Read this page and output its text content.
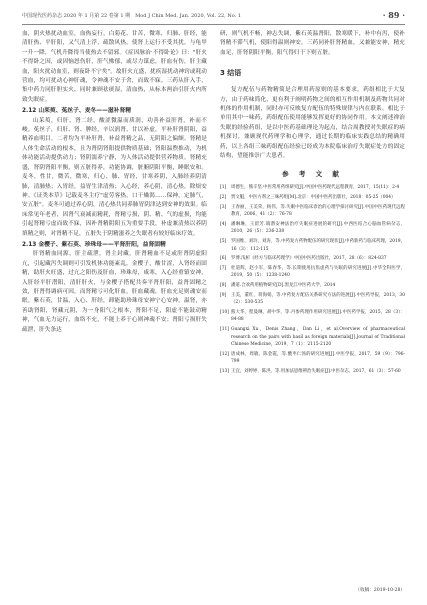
中国现代医药杂志 2020 年 1 月第 22 卷第 1 期　Mod J Chin Med, Jan. 2020, Vol. 22, No. 1	· 89 ·

血，阴火热扰动血室，血热妄行。白菊花、甘苦，微寒，归肺、肝经，能清肝热、平肝阳，又气清上浮，疏散风热，使肾上运行不受其扰，与龟甲一升一降，气机升降得当使热去不留邪。《症因脉治·不得卧论》曰："肝火不得卧之因，或因恼怒伤肝，肝气怫郁，或尽力谋虑，肝血有伤，肝主藏血，阳火扰动血室，则夜卧不宁矣"。故肝火亢盛，扰疾湿扰动神窍或耗动营血，均可扰动心神肝魂，令神魂不安于舍，而致不寐。三药从肝入手，集中药力同肝胆实火，同时兼顾祛痰湿，清血热，从标本两治引肝火内所致失眠症。

2.12 山茱萸、菟丝子、麦冬——滋补肾精

山茱萸，归肝、肾二经，酸涩微温而质润，功善补益肝肾，补而不峻。菟丝子，归肝、肾、脾经，辛以润肾，甘以补虚，平补肝肾阴阳，益精养血明目。二者均为平补肝肾，补益肾精之品，无阴阳之偏颇。肾精是人体生命活动的根本，且为肾阴肾阳提供物质基础；肾阳温煦推动，为机体功能活动提供动力；肾阴濡养宁静，为人体活动提供营养物质。肾精充盛，肾阴肾阳平衡，则五脏得养，功能协调，脏腑阴阳平衡，睡眠安和。麦冬，性甘，微苦，微寒，归心、肺、胃经，甘寒养阴，入肺经养阴清肺，清肺热；入胃经，益胃生津清热；入心经，养心阴，清心热，除烦安神。《证类本草》记载麦冬主疗"虚劳客热，口干燥渴……保神，定肺气，安五脏"。麦冬可通过养心阴，清心热共同养肺胃阴津达到安神的效果。临床常见年老者，因肾气衰减而精耗，肾精亏损，阴、精、气的虚损，均能引起肾精亏虚而致不寐，因补肾精阴阳五为重要手段，补虚兼清热以养阴填精之则，对肾精不足，五脏失于阴精滋养之失眠者有较好临床疗效。

2.13 金樱子、紫石英、珍珠母——平肾肝阳，益肾固精

肝肾精血同源，肝主疏泄，肾主封藏，肝肾精血不足或肝肾阴虚阳亢，引起藏泻失调则可引发机体功能紊乱。金樱子，酸甘涩，入肾经而固精，助肝火旺盛，过亢之阳伤及肝血，珍珠母，咸寒，入心经重镇安神，入肝经平肝潜阳，清肝肝火，与金樱子搭配共奏平肾肝阳，益肾固精之效，肝肾得调病可因，而肾精亏可化肝血，肝血藏魂，肝血充足则魂安而眠。紫石英，甘温，入心、肝经，卸能助珍珠母安神宁心安神，温肾，亦善助肾阳，肾藏元阴，为一身阳气之根本，肾阳不足，阳虚不能鼓动精神，气血无力运行，血络不充，不能上养于心则神魂不安；肾阳亏损肝失疏泄，肝失条达

研，则气机不畅，神志失调，紫石英温肾阳，散寒暖下，补中有泻，使补肾精不滞气机，使阳得温则神安。三药同补肝肾精血，又兼能安神，精充血足，肝肾阴阳平衡，阳气得归于下则五脏。

3 结语

复方配伍与药物精简是合理用药原则的基本要求。药组相比于大复方，由于药味简化，更有利于阐明药物之间的相互作用机制及药物共同对机体的作用机制，同时亦可反映复方配伍的特殊规律与内在联系。相比于单用其中一味药，药组配伍使用能够发挥更好的协同作用。本文阐述禅治失眠的经验药组，是以中医药基础理论为起点，结合周教授对失眠症的病机探讨，兼顾现代药理学和心理学，通过长期的临床实践总结的精确用药，以上各组三味药组配伍经验已经成为本院临床治疗失眠症处方的固定结构，望能推崇广大患者。

参 考 文 献
[1] 周德生，熊辛坚.中医常用药组研究[J].中国中医药现代远程教育，2017，15(11)：2-4
[2] 贾文魁，中医方剂之三味药组[M].北京：中国中医药出版社，2018：05-25（004）
[3] 王春丽，王美荣，杨伟，等.失眠中医临床诊治的心理学探讨研究[J].中国中医药现代远程教育，2006，41（2）：76-78
[4] 潘琳琳，王留芳.镇潜安神法治疗失眠症进展的研究[J].中西医结合心脑血管病杂志，2010，26（5）：236-238
[5] 罗国维，刘玲，刘涛，等.中药复方药物配伍的研究现状[J].中药新药与临床药理，2019，16（3）：112-115
[6] 罗博.浅析《经方与临床药理学》中国中医药出版社，2017，28（6）：824-837
[7] 杜道辉，赵小军，陈春华，等.长期使用抗焦虑药与失眠的研究进展[J].中华全科医学，2019，50（5）：1238-1240
[8] 潘道.合欢药用植物研究[D].黑龙江中医药大学，2014
[9] 王美，董红，蒋海娟，等.中药复方配伍关系研究方法的进展[J].中医药导报，2013，30（2）：530-535
[10] 熊大华，程曼琳，胡中华，等.丹参药理作用研究进展[J].中医药学报，2015，28（3）：84-88
[11] Guangxi Xu，Denis Zhang，Dan Li，et al.Overview of pharmaceutical research on the pairs with basil as foreign materials[J].Journal of Traditional Chinese Medicine，2019，7（1）：2115-2120
[12] 唐成林，周敏，陈金霞，等.酸枣仁汤的研究进展[J].中医学报，2017，59（9）：796-799
[13] 王宜，刘婷婷，陈洪，等.用加法思维辨治失眠症[J].中医杂志，2017，61（3）：57-60
（收稿：2019-10-28）
